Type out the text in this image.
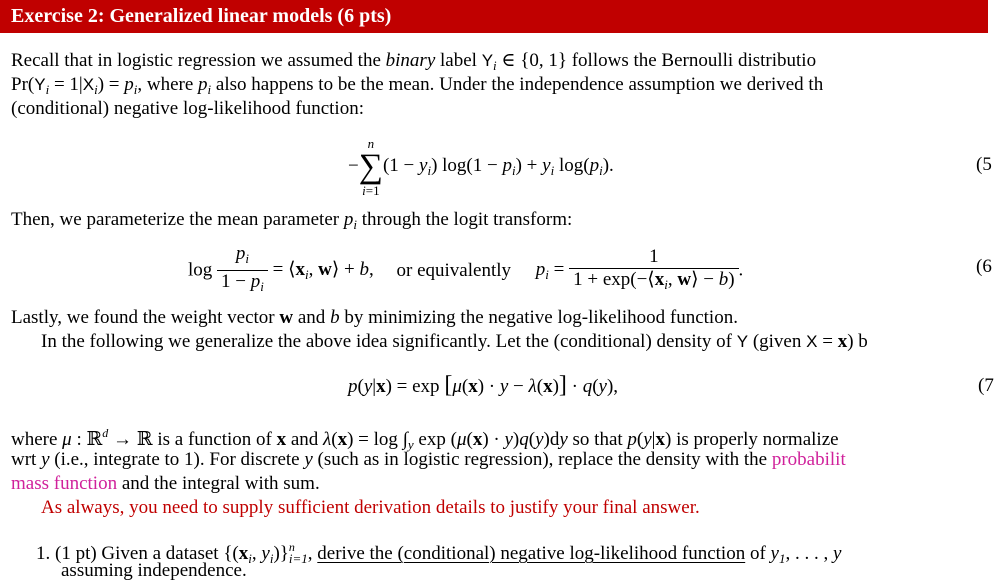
Exercise 2: Generalized linear models (6 pts)
Recall that in logistic regression we assumed the binary label $Y_i$ ∈ {0, 1} follows the Bernoulli distributio
$Pr(Y_i = 1|X_i) = p_i$, where $p_i$ also happens to be the mean. Under the independence assumption we derived th
(conditional) negative log-likelihood function:
−
n
∑
i=1
$(1 - y_i)$ $\log(1 - p_i) + y_i$ $\log(p_i)$.	(5
Then, we parameterize the mean parameter $p_i$ through the logit transform:
$\log \frac{p_i}{1 - p_i}$ = $⟨x_i$, w⟩ + b, or equivalently $p_i = \frac{1}{1 + \exp(-⟨x_i, w⟩ - b)}$ .	(6
Lastly, we found the weight vector w and b by minimizing the negative log-likelihood function.
In the following we generalize the above idea significantly. Let the (conditional) density of Y (given X = x) b
p(y|x) = exp [μ(x) · y − λ(x)] · q(y),	(7
where μ : ℝ$^d$ → ℝ is a function of x and $\lambda(x) = \log \int_y$ exp (μ(x) · y)q(y)dy so that p(y|x) is properly normalize
wrt y (i.e., integrate to 1). For discrete y (such as in logistic regression), replace the density with the probabilit
mass function and the integral with sum.
As always, you need to supply sufficient derivation details to justify your final answer.
1. (1 pt) Given a dataset {($x_i$, $y_i)\}^n_{i=1}$, derive the (conditional) negative log-likelihood function of $y_1$, . . . , y
assuming independence.
